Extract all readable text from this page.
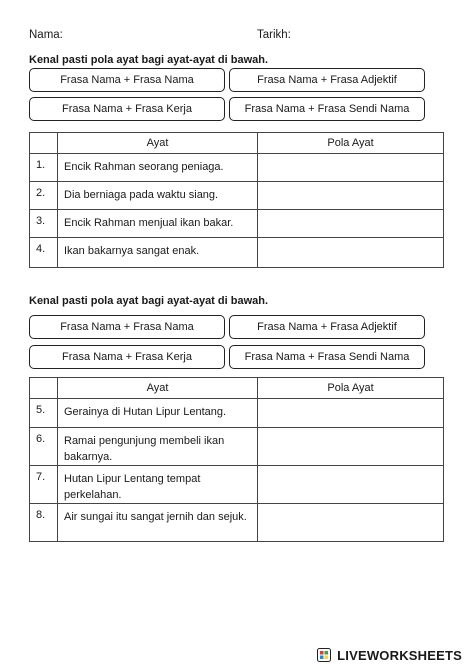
Nama:	Tarikh:
Kenal pasti pola ayat bagi ayat-ayat di bawah.
Frasa Nama + Frasa Nama	Frasa Nama + Frasa Adjektif
Frasa Nama + Frasa Kerja	Frasa Nama + Frasa Sendi Nama
	Ayat	Pola Ayat
1.	Encik Rahman seorang peniaga.	
2.	Dia berniaga pada waktu siang.	
3.	Encik Rahman menjual ikan bakar.	
4.	Ikan bakarnya sangat enak.	
Kenal pasti pola ayat bagi ayat-ayat di bawah.
Frasa Nama + Frasa Nama	Frasa Nama + Frasa Adjektif
Frasa Nama + Frasa Kerja	Frasa Nama + Frasa Sendi Nama
	Ayat	Pola Ayat
5.	Gerainya di Hutan Lipur Lentang.	
6.	Ramai pengunjung membeli ikan bakarnya.	
7.	Hutan Lipur Lentang tempat perkelahan.	
8.	Air sungai itu sangat jernih dan sejuk.	
LIVEWORKSHEETS
